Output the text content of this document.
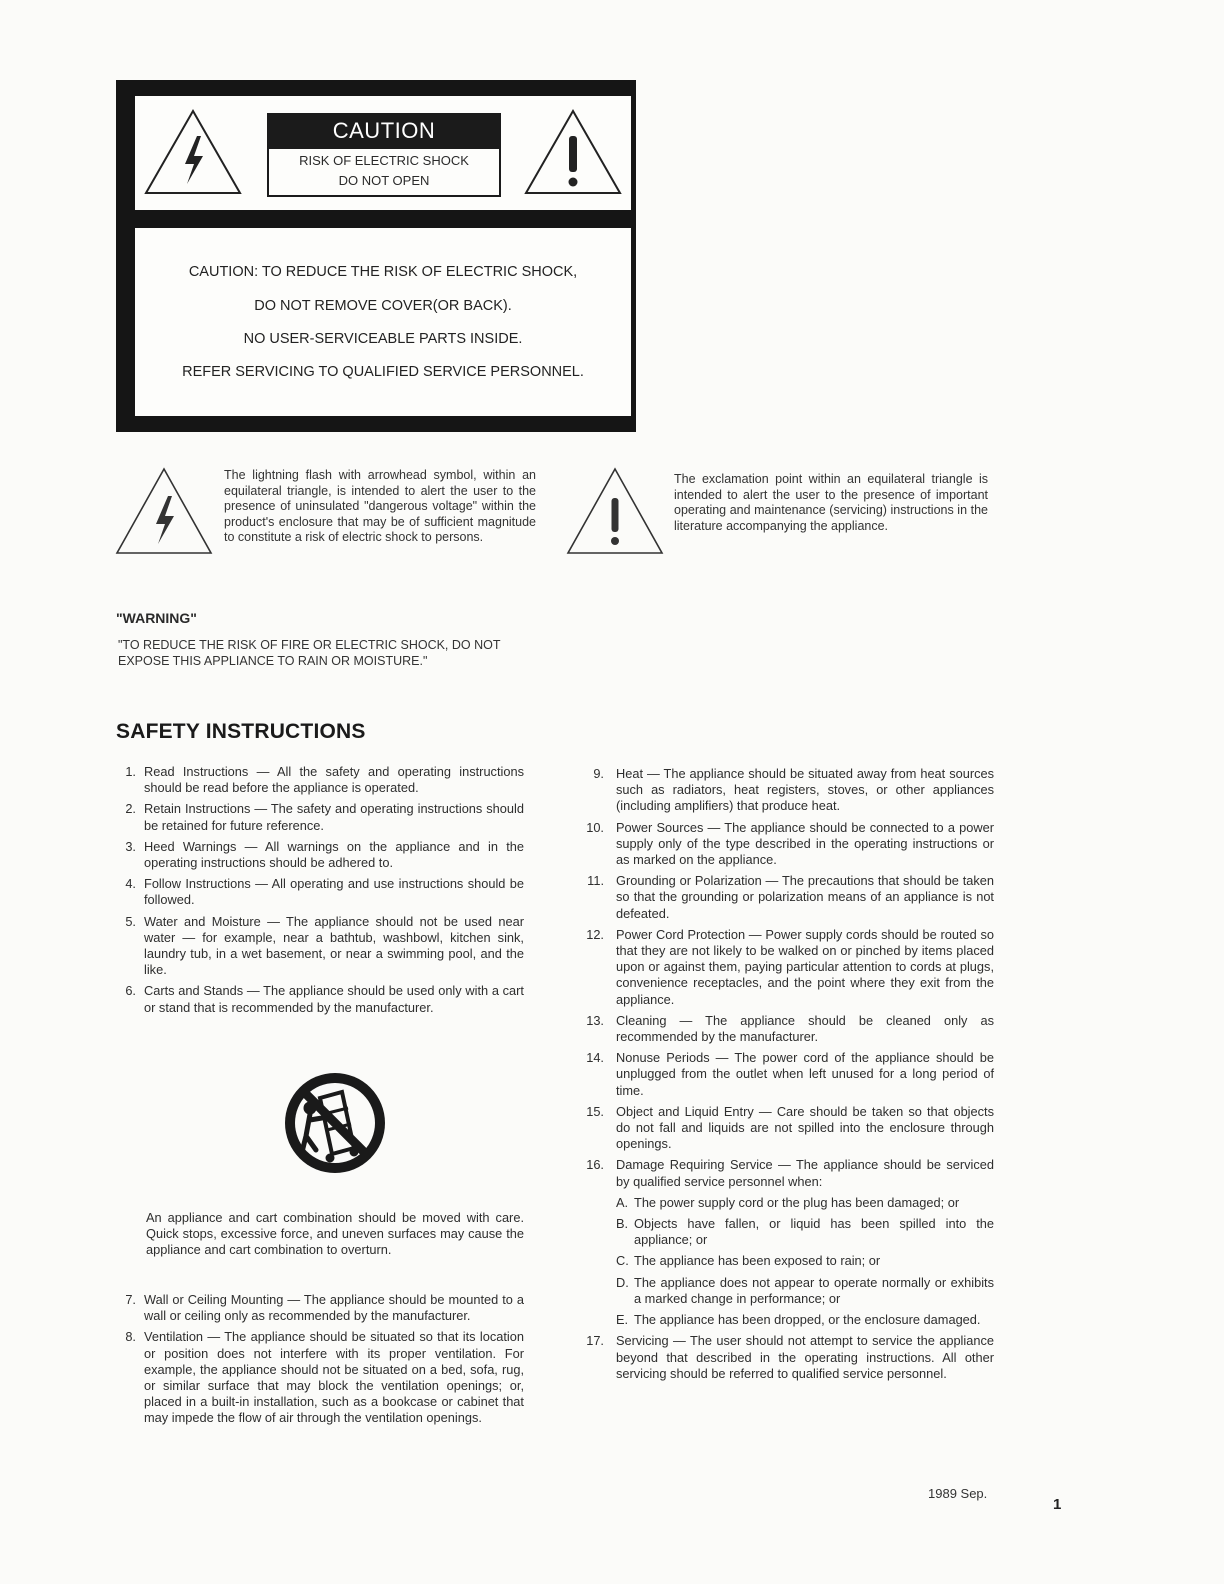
CAUTION
RISK OF ELECTRIC SHOCK
DO NOT OPEN
CAUTION: TO REDUCE THE RISK OF ELECTRIC SHOCK,
DO NOT REMOVE COVER(OR BACK).
NO USER-SERVICEABLE PARTS INSIDE.
REFER SERVICING TO QUALIFIED SERVICE PERSONNEL.
The lightning flash with arrowhead symbol, within an equilateral triangle, is intended to alert the user to the presence of uninsulated "dangerous voltage" within the product's enclosure that may be of sufficient magnitude to constitute a risk of electric shock to persons.
The exclamation point within an equilateral triangle is intended to alert the user to the presence of important operating and maintenance (servicing) instructions in the literature accompanying the appliance.
"WARNING"
"TO REDUCE THE RISK OF FIRE OR ELECTRIC SHOCK, DO NOT EXPOSE THIS APPLIANCE TO RAIN OR MOISTURE."
SAFETY INSTRUCTIONS
1. Read Instructions — All the safety and operating instructions should be read before the appliance is operated.
2. Retain Instructions — The safety and operating instructions should be retained for future reference.
3. Heed Warnings — All warnings on the appliance and in the operating instructions should be adhered to.
4. Follow Instructions — All operating and use instructions should be followed.
5. Water and Moisture — The appliance should not be used near water — for example, near a bathtub, washbowl, kitchen sink, laundry tub, in a wet basement, or near a swimming pool, and the like.
6. Carts and Stands — The appliance should be used only with a cart or stand that is recommended by the manufacturer.
An appliance and cart combination should be moved with care. Quick stops, excessive force, and uneven surfaces may cause the appliance and cart combination to overturn.
7. Wall or Ceiling Mounting — The appliance should be mounted to a wall or ceiling only as recommended by the manufacturer.
8. Ventilation — The appliance should be situated so that its location or position does not interfere with its proper ventilation. For example, the appliance should not be situated on a bed, sofa, rug, or similar surface that may block the ventilation openings; or, placed in a built-in installation, such as a bookcase or cabinet that may impede the flow of air through the ventilation openings.
9. Heat — The appliance should be situated away from heat sources such as radiators, heat registers, stoves, or other appliances (including amplifiers) that produce heat.
10. Power Sources — The appliance should be connected to a power supply only of the type described in the operating instructions or as marked on the appliance.
11. Grounding or Polarization — The precautions that should be taken so that the grounding or polarization means of an appliance is not defeated.
12. Power Cord Protection — Power supply cords should be routed so that they are not likely to be walked on or pinched by items placed upon or against them, paying particular attention to cords at plugs, convenience receptacles, and the point where they exit from the appliance.
13. Cleaning — The appliance should be cleaned only as recommended by the manufacturer.
14. Nonuse Periods — The power cord of the appliance should be unplugged from the outlet when left unused for a long period of time.
15. Object and Liquid Entry — Care should be taken so that objects do not fall and liquids are not spilled into the enclosure through openings.
16. Damage Requiring Service — The appliance should be serviced by qualified service personnel when:
A. The power supply cord or the plug has been damaged; or
B. Objects have fallen, or liquid has been spilled into the appliance; or
C. The appliance has been exposed to rain; or
D. The appliance does not appear to operate normally or exhibits a marked change in performance; or
E. The appliance has been dropped, or the enclosure damaged.
17. Servicing — The user should not attempt to service the appliance beyond that described in the operating instructions. All other servicing should be referred to qualified service personnel.
1989 Sep.
1
